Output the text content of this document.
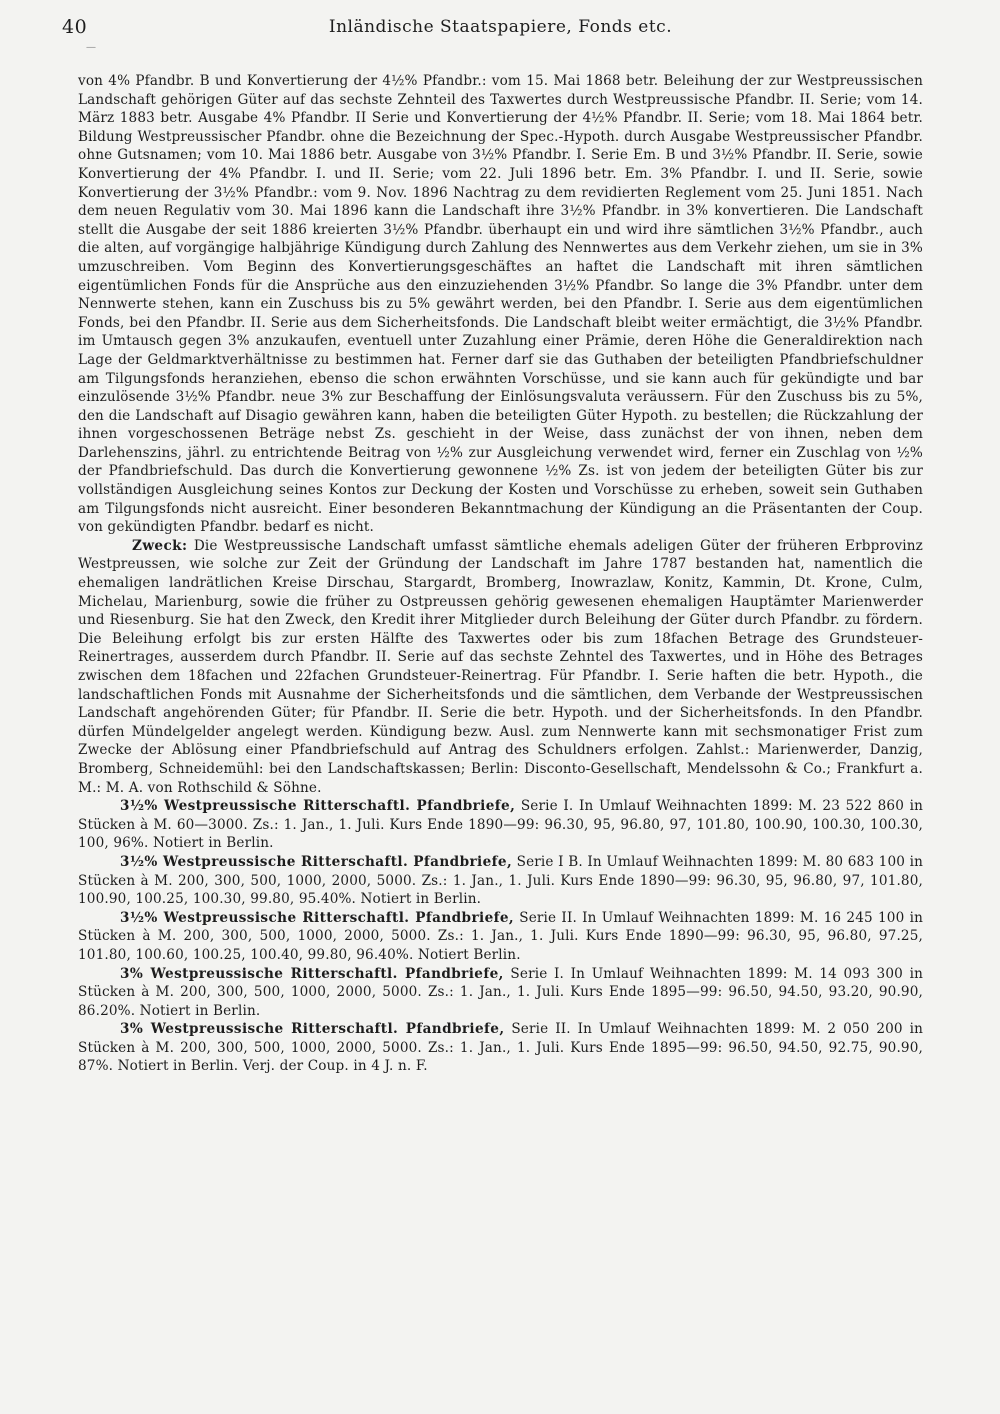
40	Inländische Staatspapiere, Fonds etc.
—

von 4% Pfandbr. B und Konvertierung der 4½% Pfandbr.: vom 15. Mai 1868 betr. Beleihung der zur Westpreussischen Landschaft gehörigen Güter auf das sechste Zehnteil des Taxwertes durch Westpreussische Pfandbr. II. Serie; vom 14. März 1883 betr. Ausgabe 4% Pfandbr. II Serie und Konvertierung der 4½% Pfandbr. II. Serie; vom 18. Mai 1864 betr. Bildung Westpreussischer Pfandbr. ohne die Bezeichnung der Spec.-Hypoth. durch Ausgabe Westpreussischer Pfandbr. ohne Gutsnamen; vom 10. Mai 1886 betr. Ausgabe von 3½% Pfandbr. I. Serie Em. B und 3½% Pfandbr. II. Serie, sowie Konvertierung der 4% Pfandbr. I. und II. Serie; vom 22. Juli 1896 betr. Em. 3% Pfandbr. I. und II. Serie, sowie Konvertierung der 3½% Pfandbr.: vom 9. Nov. 1896 Nachtrag zu dem revidierten Reglement vom 25. Juni 1851. Nach dem neuen Regulativ vom 30. Mai 1896 kann die Landschaft ihre 3½% Pfandbr. in 3% konvertieren. Die Landschaft stellt die Ausgabe der seit 1886 kreierten 3½% Pfandbr. überhaupt ein und wird ihre sämtlichen 3½% Pfandbr., auch die alten, auf vorgängige halbjährige Kündigung durch Zahlung des Nennwertes aus dem Verkehr ziehen, um sie in 3% umzuschreiben. Vom Beginn des Konvertierungsgeschäftes an haftet die Landschaft mit ihren sämtlichen eigentümlichen Fonds für die Ansprüche aus den einzuziehenden 3½% Pfandbr. So lange die 3% Pfandbr. unter dem Nennwerte stehen, kann ein Zuschuss bis zu 5% gewährt werden, bei den Pfandbr. I. Serie aus dem eigentümlichen Fonds, bei den Pfandbr. II. Serie aus dem Sicherheitsfonds. Die Landschaft bleibt weiter ermächtigt, die 3½% Pfandbr. im Umtausch gegen 3% anzukaufen, eventuell unter Zuzahlung einer Prämie, deren Höhe die Generaldirektion nach Lage der Geldmarktverhältnisse zu bestimmen hat. Ferner darf sie das Guthaben der beteiligten Pfandbriefschuldner am Tilgungsfonds heranziehen, ebenso die schon erwähnten Vorschüsse, und sie kann auch für gekündigte und bar einzulösende 3½% Pfandbr. neue 3% zur Beschaffung der Einlösungsvaluta veräussern. Für den Zuschuss bis zu 5%, den die Landschaft auf Disagio gewähren kann, haben die beteiligten Güter Hypoth. zu bestellen; die Rückzahlung der ihnen vorgeschossenen Beträge nebst Zs. geschieht in der Weise, dass zunächst der von ihnen, neben dem Darlehenszins, jährl. zu entrichtende Beitrag von ½% zur Ausgleichung verwendet wird, ferner ein Zuschlag von ½% der Pfandbriefschuld. Das durch die Konvertierung gewonnene ½% Zs. ist von jedem der beteiligten Güter bis zur vollständigen Ausgleichung seines Kontos zur Deckung der Kosten und Vorschüsse zu erheben, soweit sein Guthaben am Tilgungsfonds nicht ausreicht. Einer besonderen Bekanntmachung der Kündigung an die Präsentanten der Coup. von gekündigten Pfandbr. bedarf es nicht.

Zweck: Die Westpreussische Landschaft umfasst sämtliche ehemals adeligen Güter der früheren Erbprovinz Westpreussen, wie solche zur Zeit der Gründung der Landschaft im Jahre 1787 bestanden hat, namentlich die ehemaligen landrätlichen Kreise Dirschau, Stargardt, Bromberg, Inowrazlaw, Konitz, Kammin, Dt. Krone, Culm, Michelau, Marienburg, sowie die früher zu Ostpreussen gehörig gewesenen ehemaligen Hauptämter Marienwerder und Riesenburg. Sie hat den Zweck, den Kredit ihrer Mitglieder durch Beleihung der Güter durch Pfandbr. zu fördern. Die Beleihung erfolgt bis zur ersten Hälfte des Taxwertes oder bis zum 18fachen Betrage des Grundsteuer-Reinertrages, ausserdem durch Pfandbr. II. Serie auf das sechste Zehntel des Taxwertes, und in Höhe des Betrages zwischen dem 18fachen und 22fachen Grundsteuer-Reinertrag. Für Pfandbr. I. Serie haften die betr. Hypoth., die landschaftlichen Fonds mit Ausnahme der Sicherheitsfonds und die sämtlichen, dem Verbande der Westpreussischen Landschaft angehörenden Güter; für Pfandbr. II. Serie die betr. Hypoth. und der Sicherheitsfonds. In den Pfandbr. dürfen Mündelgelder angelegt werden. Kündigung bezw. Ausl. zum Nennwerte kann mit sechsmonatiger Frist zum Zwecke der Ablösung einer Pfandbriefschuld auf Antrag des Schuldners erfolgen. Zahlst.: Marienwerder, Danzig, Bromberg, Schneidemühl: bei den Landschaftskassen; Berlin: Disconto-Gesellschaft, Mendelssohn & Co.; Frankfurt a. M.: M. A. von Rothschild & Söhne.

3½% Westpreussische Ritterschaftl. Pfandbriefe, Serie I. In Umlauf Weihnachten 1899: M. 23 522 860 in Stücken à M. 60—3000. Zs.: 1. Jan., 1. Juli. Kurs Ende 1890—99: 96.30, 95, 96.80, 97, 101.80, 100.90, 100.30, 100.30, 100, 96%. Notiert in Berlin.

3½% Westpreussische Ritterschaftl. Pfandbriefe, Serie I B. In Umlauf Weihnachten 1899: M. 80 683 100 in Stücken à M. 200, 300, 500, 1000, 2000, 5000. Zs.: 1. Jan., 1. Juli. Kurs Ende 1890—99: 96.30, 95, 96.80, 97, 101.80, 100.90, 100.25, 100.30, 99.80, 95.40%. Notiert in Berlin.

3½% Westpreussische Ritterschaftl. Pfandbriefe, Serie II. In Umlauf Weihnachten 1899: M. 16 245 100 in Stücken à M. 200, 300, 500, 1000, 2000, 5000. Zs.: 1. Jan., 1. Juli. Kurs Ende 1890—99: 96.30, 95, 96.80, 97.25, 101.80, 100.60, 100.25, 100.40, 99.80, 96.40%. Notiert Berlin.

3% Westpreussische Ritterschaftl. Pfandbriefe, Serie I. In Umlauf Weihnachten 1899: M. 14 093 300 in Stücken à M. 200, 300, 500, 1000, 2000, 5000. Zs.: 1. Jan., 1. Juli. Kurs Ende 1895—99: 96.50, 94.50, 93.20, 90.90, 86.20%. Notiert in Berlin.

3% Westpreussische Ritterschaftl. Pfandbriefe, Serie II. In Umlauf Weihnachten 1899: M. 2 050 200 in Stücken à M. 200, 300, 500, 1000, 2000, 5000. Zs.: 1. Jan., 1. Juli. Kurs Ende 1895—99: 96.50, 94.50, 92.75, 90.90, 87%. Notiert in Berlin. Verj. der Coup. in 4 J. n. F.
